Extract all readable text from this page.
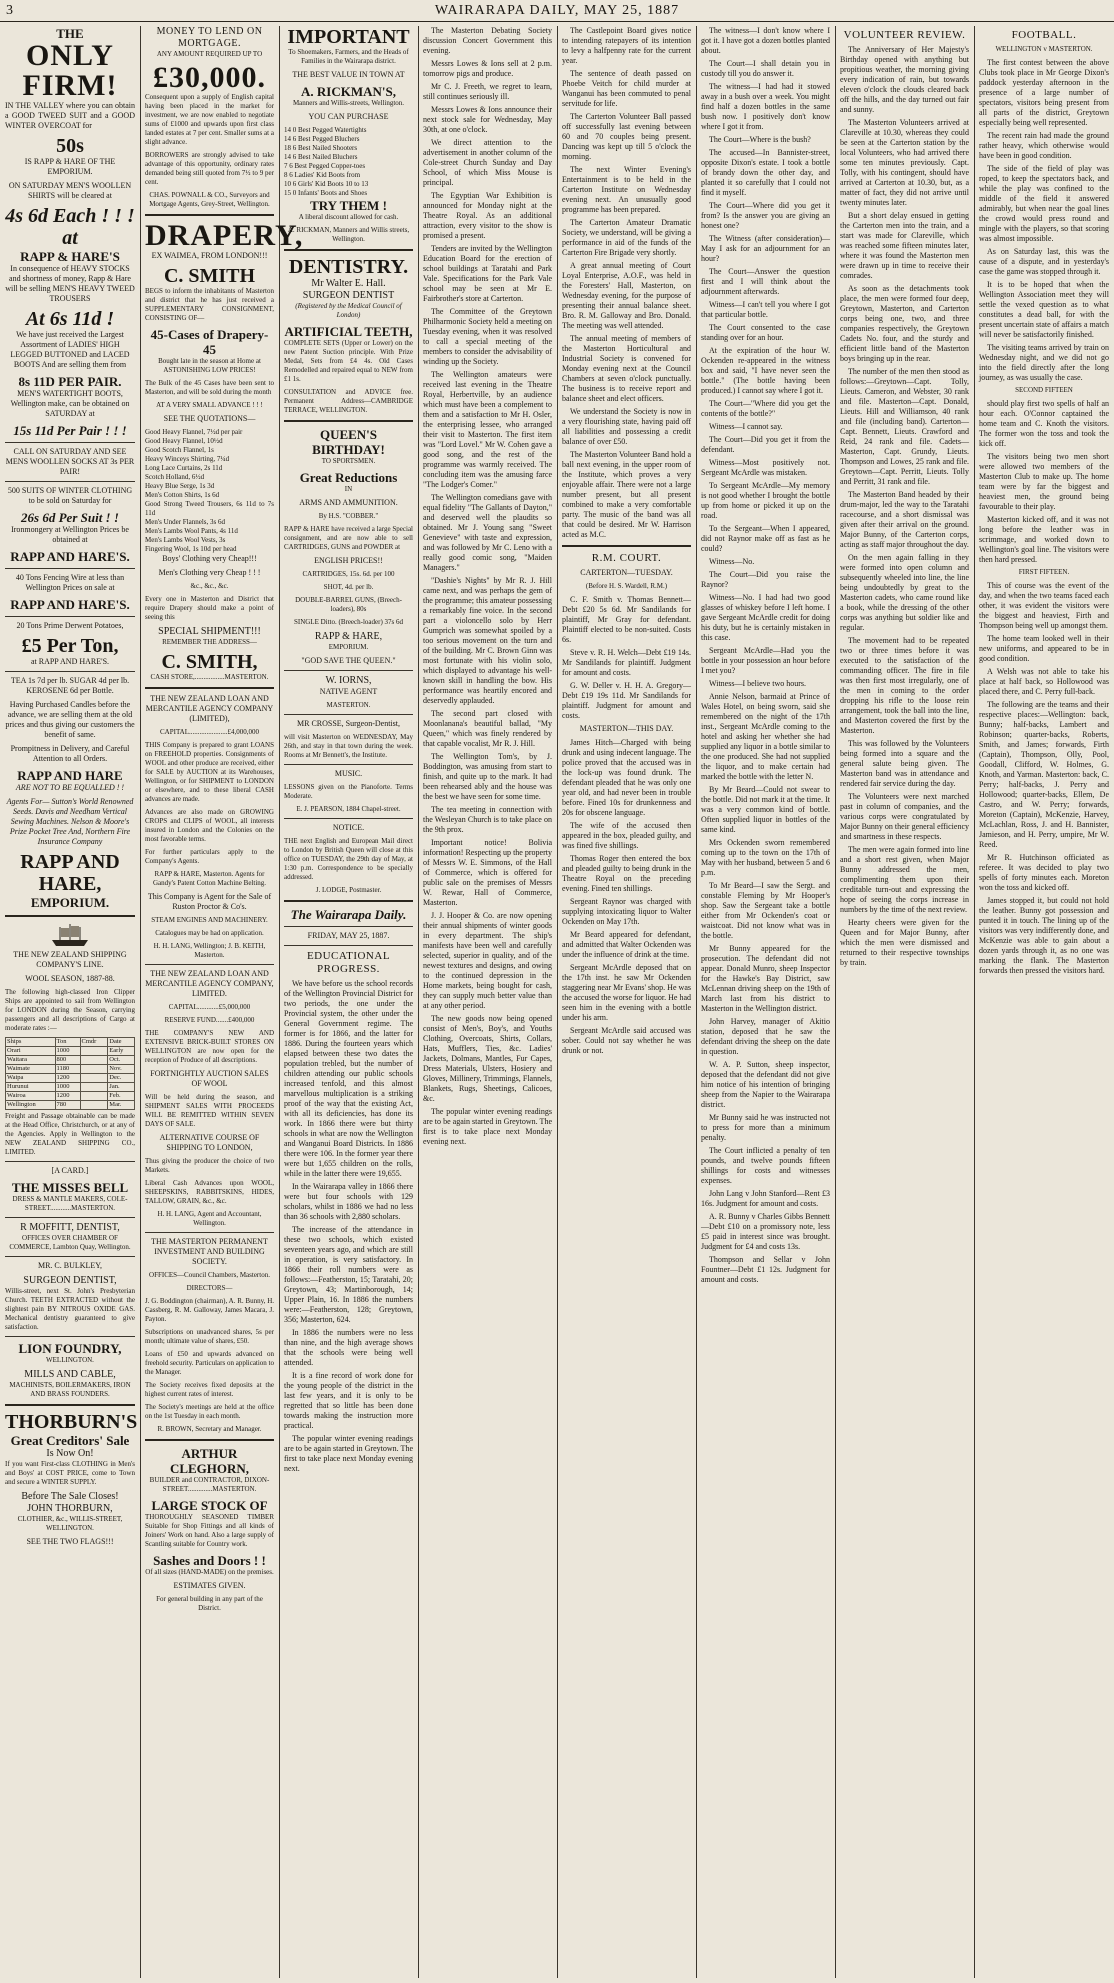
3	WAIRARAPA DAILY, MAY 25, 1887
THE
ONLY FIRM!
IN THE VALLEY where you can obtain a GOOD TWEED SUIT and a GOOD WINTER OVERCOAT for
50s
IS RAPP & HARE OF THE EMPORIUM.
ON SATURDAY MEN'S WOOLLEN SHIRTS will be cleared at
4s 6d Each ! ! ! at
RAPP & HARE'S
In consequence of HEAVY STOCKS and shortness of money, Rapp & Hare will be selling MEN'S HEAVY TWEED TROUSERS
At 6s 11d !
We have just received the Largest Assortment of LADIES' HIGH LEGGED BUTTONED and LACED BOOTS And are selling them from
8s 11D PER PAIR.
MEN'S WATERTIGHT BOOTS, Wellington make, can be obtained on SATURDAY at
15s 11d Per Pair ! ! !
CALL ON SATURDAY AND SEE MENS WOOLLEN SOCKS AT 3s PER PAIR!
500 SUITS OF WINTER CLOTHING to be sold on Saturday for
26s 6d Per Suit ! !
Ironmongery at Wellington Prices be obtained at
RAPP AND HARE'S.
40 Tons Fencing Wire at less than Wellington Prices on sale at
RAPP AND HARE'S.
20 Tons Prime Derwent Potatoes,
£5 Per Ton,
at RAPP AND HARE'S.
TEA 1s 7d per lb. SUGAR 4d per lb. KEROSENE 6d per Bottle.
Having Purchased Candles before the advance, we are selling them at the old prices and thus giving our customers the benefit of same.
Prompitness in Delivery, and Careful Attention to all Orders.
RAPP AND HARE
ARE NOT TO BE EQUALLED ! !
Agents For— Sutton's World Renowned Seeds. Davis and Needham Vertical Sewing Machines. Nelson & Moore's Prize Pocket Tree And, Northern Fire Insurance Company
RAPP AND HARE,
EMPORIUM.
THE NEW ZEALAND SHIPPING COMPANY'S LINE.
WOOL SEASON, 1887-88.
The following high-classed Iron Clipper Ships are appointed to sail from Wellington for LONDON during the Season, carrying passengers and all descriptions of Cargo at moderate rates :—
Ships	Ton	Cmdr	Date
Orari	1000		Early
Waitara	800		Oct.
Waimate	1180		Nov.
Waipa	1200		Dec.
Hurunui	1000		Jan.
Wairoa	1200		Feb.
Wellington	780		Mar.
Freight and Passage obtainable can be made at the Head Office, Christchurch, or at any of the Agencies. Apply in Wellington to the NEW ZEALAND SHIPPING CO., LIMITED.
[A CARD.]
THE MISSES BELL
DRESS & MANTLE MAKERS, COLE-STREET............MASTERTON.
R MOFFITT, DENTIST,
OFFICES OVER CHAMBER OF COMMERCE, Lambton Quay, Wellington.
MR. C. BULKLEY,
SURGEON DENTIST,
Willis-street, next St. John's Presbyterian Church. TEETH EXTRACTED without the slightest pain BY NITROUS OXIDE GAS. Mechanical dentistry guaranteed to give satisfaction.
LION FOUNDRY,
WELLINGTON.
MILLS AND CABLE,
MACHINISTS, BOILERMAKERS, IRON AND BRASS FOUNDERS.
THORBURN'S
Great Creditors' Sale
Is Now On!
If you want First-class CLOTHING in Men's and Boys' at COST PRICE, come to Town and secure a WINTER SUPPLY.
Before The Sale Closes!
JOHN THORBURN,
CLOTHIER, &c., WILLIS-STREET, WELLINGTON.
SEE THE TWO FLAGS!!!
MONEY TO LEND ON MORTGAGE.
ANY AMOUNT REQUIRED UP TO
£30,000.
Consequent upon a supply of English capital having been placed in the market for investment, we are now enabled to negotiate sums of £1000 and upwards upon first class landed estates at 7 per cent. Smaller sums at a slight advance.
BORROWERS are strongly advised to take advantage of this opportunity, ordinary rates demanded being still quoted from 7½ to 9 per cent.
CHAS. POWNALL & CO., Surveyors and Mortgage Agents, Grey-Street, Wellington.
DRAPERY,
EX WAIMEA, FROM LONDON!!!
C. SMITH
BEGS to inform the inhabitants of Masterton and district that he has just received a SUPPLEMENTARY CONSIGNMENT, CONSISTING OF—
45-Cases of Drapery-45
Bought late in the season at Home at ASTONISHING LOW PRICES!
The Bulk of the 45 Cases have been sent to Masterton, and will be sold during the month
AT A VERY SMALL ADVANCE ! ! !
SEE THE QUOTATIONS—
Good Heavy Flannel, 7½d per pair
Good Heavy Flannel, 10½d
Good Scotch Flannel, 1s
Heavy Winceys Shirting, 7¼d
Long Lace Curtains, 2s 11d
Scotch Holland, 6½d
Heavy Blue Serge, 1s 3d
Men's Cotton Shirts, 1s 6d
Good Strong Tweed Trousers, 6s 11d to 7s 11d
Men's Under Flannels, 3s 6d
Men's Lambs Wool Pants, 4s 11d
Men's Lambs Wool Vests, 3s
Fingering Wool, 1s 10d per head
Boys' Clothing very Cheap!!!
Men's Clothing very Cheap ! ! !
&c., &c., &c.
Every one in Masterton and District that require Drapery should make a point of seeing this
SPECIAL SHIPMENT!!!
REMEMBER THE ADDRESS—
C. SMITH,
CASH STORE,.................MASTERTON.
THE NEW ZEALAND LOAN AND MERCANTILE AGENCY COMPANY (LIMITED),
CAPITAL......................£4,000,000
THIS Company is prepared to grant LOANS on FREEHOLD properties. Consignments of WOOL and other produce are received, either for SALE by AUCTION at its Warehouses, Wellington, or for SHIPMENT to LONDON or elsewhere, and to these liberal CASH advances are made.
Advances are also made on GROWING CROPS and CLIPS of WOOL, all interests insured in London and the Colonies on the most favorable terms.
For further particulars apply to the Company's Agents.
RAPP & HARE, Masterton. Agents for Gandy's Patent Cotton Machine Belting.
This Company is Agent for the Sale of Ruston Proctor & Co's.
STEAM ENGINES AND MACHINERY.
Catalogues may be had on application.
H. H. LANG, Wellington; J. B. KEITH, Masterton.
THE NEW ZEALAND LOAN AND MERCANTILE AGENCY COMPANY, LIMITED.
CAPITAL............£5,000,000
RESERVE FUND.......£400,000
THE COMPANY'S NEW AND EXTENSIVE BRICK-BUILT STORES ON WELLINGTON are now open for the reception of Produce of all descriptions.
FORTNIGHTLY AUCTION SALES OF WOOL
Will be held during the season, and SHIPMENT SALES WITH PROCEEDS WILL BE REMITTED WITHIN SEVEN DAYS OF SALE.
ALTERNATIVE COURSE OF SHIPPING TO LONDON,
Thus giving the producer the choice of two Markets.
Liberal Cash Advances upon WOOL, SHEEPSKINS, RABBITSKINS, HIDES, TALLOW, GRAIN, &c., &c.
H. H. LANG, Agent and Accountant, Wellington.
THE MASTERTON PERMANENT INVESTMENT AND BUILDING SOCIETY.
OFFICES—Council Chambers, Masterton.
DIRECTORS—
J. G. Boddington (chairman), A. R. Bunny, H. Cassberg, R. M. Galloway, James Macara, J. Payton.
Subscriptions on unadvanced shares, 5s per month; ultimate value of shares, £50.
Loans of £50 and upwards advanced on freehold security. Particulars on application to the Manager.
The Society receives fixed deposits at the highest current rates of interest.
The Society's meetings are held at the office on the 1st Tuesday in each month.
R. BROWN, Secretary and Manager.
ARTHUR CLEGHORN,
BUILDER and CONTRACTOR, DIXON-STREET..............MASTERTON.
LARGE STOCK OF
THOROUGHLY SEASONED TIMBER Suitable for Shop Fittings and all kinds of Joiners' Work on hand. Also a large supply of Scantling suitable for Country work.
Sashes and Doors ! !
Of all sizes (HAND-MADE) on the premises.
ESTIMATES GIVEN.
For general building in any part of the District.
IMPORTANT
To Shoemakers, Farmers, and the Heads of Families in the Wairarapa district.
THE BEST VALUE IN TOWN AT
A. RICKMAN'S,
Manners and Willis-streets, Wellington.
YOU CAN PURCHASE
14 0 Best Pegged Watertights
14 6 Best Pegged Bluchers
18 6 Best Nailed Shooters
14 6 Best Nailed Bluchers
7 6 Best Pegged Copper-toes
8 6 Ladies' Kid Boots from
10 6 Girls' Kid Boots 10 to 13
15 0 Infants' Boots and Shoes
TRY THEM !
A liberal discount allowed for cash.
A. RICKMAN, Manners and Willis streets, Wellington.
DENTISTRY.
Mr Walter E. Hall.
SURGEON DENTIST
(Registered by the Medical Council of London)
ARTIFICIAL TEETH,
COMPLETE SETS (Upper or Lower) on the new Patent Suction principle. With Prize Medal, Sets from £4 4s. Old Cases Remodelled and repaired equal to NEW from £1 1s.
CONSULTATION and ADVICE free. Permanent Address—CAMBRIDGE TERRACE, WELLINGTON.
QUEEN'S BIRTHDAY!
TO SPORTSMEN.
Great Reductions
IN
ARMS AND AMMUNITION.
By H.S. "COBBER."
RAPP & HARE have received a large Special consignment, and are now able to sell CARTRIDGES, GUNS and POWDER at
ENGLISH PRICES!!
CARTRIDGES, 15s. 6d. per 100
SHOT, 4d. per lb.
DOUBLE-BARREL GUNS, (Breech-loaders), 80s
SINGLE Ditto. (Breech-loader) 37s 6d
RAPP & HARE,
EMPORIUM.
"GOD SAVE THE QUEEN."
W. IORNS,
NATIVE AGENT
MASTERTON.
MR CROSSE, Surgeon-Dentist,
will visit Masterton on WEDNESDAY, May 26th, and stay in that town during the week. Rooms at Mr Bennett's, the Institute.
MUSIC.
LESSONS given on the Pianoforte. Terms Moderate.
E. J. PEARSON, 1884 Chapel-street.
NOTICE.
THE next English and European Mail direct to London by British Queen will close at this office on TUESDAY, the 29th day of May, at 1:30 p.m. Correspondence to be specially addressed.
J. LODGE, Postmaster.
The Wairarapa Daily.
FRIDAY, MAY 25, 1887.
EDUCATIONAL PROGRESS.

We have before us the school records of the Wellington Provincial District for two periods, the one under the Provincial system, the other under the General Government regime. The former is for 1866, and the latter for 1886. During the fourteen years which elapsed between these two dates the population trebled, but the number of children attending our public schools increased tenfold, and this almost marvellous multiplication is a striking proof of the way that the existing Act, with all its deficiencies, has done its work. In 1866 there were but thirty schools in what are now the Wellington and Wanganui Board Districts. In 1886 there were 106. In the former year there were but 1,655 children on the rolls, while in the latter there were 19,655.

In the Wairarapa valley in 1866 there were but four schools with 129 scholars, whilst in 1886 we had no less than 36 schools with 2,880 scholars.

The increase of the attendance in these two schools, which existed seventeen years ago, and which are still in operation, is very satisfactory. In 1866 their roll numbers were as follows:—Featherston, 15; Taratahi, 20; Greytown, 43; Martinborough, 14; Upper Plain, 16. In 1886 the numbers were:—Featherston, 128; Greytown, 356; Masterton, 624.

In 1886 the numbers were no less than nine, and the high average shows that the schools were being well attended.

It is a fine record of work done for the young people of the district in the last few years, and it is only to be regretted that so little has been done towards making the instruction more practical.

The popular winter evening readings are to be again started in Greytown. The first to take place next Monday evening next.

The Masterton Debating Society discussion Concert Government this evening.

Messrs Lowes & Ions sell at 2 p.m. tomorrow pigs and produce.

Mr C. J. Freeth, we regret to learn, still continues seriously ill.

Messrs Lowes & Ions announce their next stock sale for Wednesday, May 30th, at one o'clock.

We direct attention to the advertisement in another column of the Cole-street Church Sunday and Day School, of which Miss Mouse is principal.

The Egyptian War Exhibition is announced for Monday night at the Theatre Royal. As an additional attraction, every visitor to the show is promised a present.

Tenders are invited by the Wellington Education Board for the erection of school buildings at Taratahi and Park Vale. Specifications for the Park Vale school may be seen at Mr E. Fairbrother's store at Carterton.

The Committee of the Greytown Philharmonic Society held a meeting on Tuesday evening, when it was resolved to call a special meeting of the members to consider the advisability of winding up the Society.

The Wellington amateurs were received last evening in the Theatre Royal, Herbertville, by an audience which must have been a complement to them and a satisfaction to Mr H. Osler, the enterprising lessee, who arranged their visit to Masterton. The first item was "Lord Lovel." Mr W. Cohen gave a good song, and the rest of the programme was warmly received. The concluding item was the amusing farce "The Lodger's Comer."

The Wellington comedians gave with equal fidelity "The Gallants of Dayton," and deserved well the plaudits so obtained. Mr J. Young sang "Sweet Genevieve" with taste and expression, and was followed by Mr C. Leno with a really good comic song, "Maiden Managers."

"Dashie's Nights" by Mr R. J. Hill came next, and was perhaps the gem of the programme; this amateur possessing a remarkably fine voice. In the second part a violoncello solo by Herr Gumprich was somewhat spoiled by a too serious movement on the turn and of the building. Mr C. Brown Ginn was most fortunate with his violin solo, which displayed to advantage his well-known skill in handling the bow. His performance was heartily encored and deservedly applauded.

The second part closed with Moonlanana's beautiful ballad, "My Queen," which was finely rendered by that capable vocalist, Mr R. J. Hill.

The Wellington Tom's, by J. Boddington, was amusing from start to finish, and quite up to the mark. It had been rehearsed ably and the house was the best we have seen for some time.

The tea meeting in connection with the Wesleyan Church is to take place on the 9th prox.

Important notice! Bolivia information! Respecting up the property of Messrs W. E. Simmons, of the Hall of Commerce, which is offered for public sale on the premises of Messrs W. Rewar, Hall of Commerce, Masterton.

J. J. Hooper & Co. are now opening their annual shipments of winter goods in every department. The ship's manifests have been well and carefully selected, superior in quality, and of the newest textures and designs, and owing to the continued depression in the Home markets, being bought for cash, they can supply much better value than at any other period.

The new goods now being opened consist of Men's, Boy's, and Youths Clothing, Overcoats, Shirts, Collars, Hats, Mufflers, Ties, &c. Ladies' Jackets, Dolmans, Mantles, Fur Capes, Dress Materials, Ulsters, Hosiery and Gloves, Millinery, Trimmings, Flannels, Blankets, Rugs, Sheetings, Calicoes, &c.

The popular winter evening readings are to be again started in Greytown. The first is to take place next Monday evening next.

The Castlepoint Board gives notice to intending ratepayers of its intention to levy a halfpenny rate for the current year.

The sentence of death passed on Phoebe Veitch for child murder at Wanganui has been commuted to penal servitude for life.

The Carterton Volunteer Ball passed off successfully last evening between 60 and 70 couples being present. Dancing was kept up till 5 o'clock the morning.

The next Winter Evening's Entertainment is to be held in the Carterton Institute on Wednesday evening next. An unusually good programme has been prepared.

The Carterton Amateur Dramatic Society, we understand, will be giving a performance in aid of the funds of the Carterton Fire Brigade very shortly.

A great annual meeting of Court Loyal Enterprise, A.O.F., was held in the Foresters' Hall, Masterton, on Wednesday evening, for the purpose of presenting their annual balance sheet. Bro. R. M. Galloway and Bro. Donald. The meeting was well attended.

The annual meeting of members of the Masterton Horticultural and Industrial Society is convened for Monday evening next at the Council Chambers at seven o'clock punctually. The business is to receive report and balance sheet and elect officers.

We understand the Society is now in a very flourishing state, having paid off all liabilities and possessing a credit balance of over £50.

The Masterton Volunteer Band hold a ball next evening, in the upper room of the Institute, which proves a very enjoyable affair. There were not a large number present, but all present combined to make a very comfortable party. The music of the band was all that could be desired. Mr W. Harrison acted as M.C.

R.M. COURT.
CARTERTON—TUESDAY.
(Before H. S. Wardell, R.M.)

C. F. Smith v. Thomas Bennett—Debt £20 5s 6d. Mr Sandilands for plaintiff, Mr Gray for defendant. Plaintiff elected to be non-suited. Costs 6s.

Steve v. R. H. Welch—Debt £19 14s. Mr Sandilands for plaintiff. Judgment for amount and costs.

G. W. Deller v. H. H. A. Gregory—Debt £19 19s 11d. Mr Sandilands for plaintiff. Judgment for amount and costs.

MASTERTON—THIS DAY.

James Hitch—Charged with being drunk and using indecent language. The police proved that the accused was in the lock-up was found drunk. The defendant pleaded that he was only one year old, and had never been in trouble before. Fined 10s for drunkenness and 20s for obscene language.

The wife of the accused then appeared in the box, pleaded guilty, and was fined five shillings.

Thomas Roger then entered the box and pleaded guilty to being drunk in the Theatre Royal on the preceding evening. Fined ten shillings.

Sergeant Raynor was charged with supplying intoxicating liquor to Walter Ockenden on May 17th.

Mr Beard appeared for defendant, and admitted that Walter Ockenden was under the influence of drink at the time.

Sergeant McArdle deposed that on the 17th inst. he saw Mr Ockenden staggering near Mr Evans' shop. He was the accused the worse for liquor. He had seen him in the evening with a bottle under his arm.

Sergeant McArdle said accused was sober. Could not say whether he was drunk or not.

The witness—I don't know where I got it. I have got a dozen bottles planted about.

The Court—I shall detain you in custody till you do answer it.

The witness—I had had it stowed away in a bush over a week. You might find half a dozen bottles in the same bush now. I positively don't know where I got it from.

The Court—Where is the bush?

The accused—In Bannister-street, opposite Dixon's estate. I took a bottle of brandy down the other day, and planted it so carefully that I could not find it myself.

The Court—Where did you get it from? Is the answer you are giving an honest one?

The Witness (after consideration)—May I ask for an adjournment for an hour?

The Court—Answer the question first and I will think about the adjournment afterwards.

Witness—I can't tell you where I got that particular bottle.

The Court consented to the case standing over for an hour.

At the expiration of the hour W. Ockenden re-appeared in the witness box and said, "I have never seen the bottle." (The bottle having been produced.) I cannot say where I got it.

The Court—"Where did you get the contents of the bottle?"

Witness—I cannot say.

The Court—Did you get it from the defendant.

Witness—Most positively not. Sergeant McArdle was mistaken.

To Sergeant McArdle—My memory is not good whether I brought the bottle up from home or picked it up on the road.

To the Sergeant—When I appeared, did not Raynor make off as fast as he could?

Witness—No.

The Court—Did you raise the Raynor?

Witness—No. I had had two good glasses of whiskey before I left home. I gave Sergeant McArdle credit for doing his duty, but he is certainly mistaken in this case.

Sergeant McArdle—Had you the bottle in your possession an hour before I met you?

Witness—I believe two hours.

Annie Nelson, barmaid at Prince of Wales Hotel, on being sworn, said she remembered on the night of the 17th inst., Sergeant McArdle coming to the hotel and asking her whether she had supplied any liquor in a bottle similar to the one produced. She had not supplied the liquor, and to make certain had marked the bottle with the letter N.

By Mr Beard—Could not swear to the bottle. Did not mark it at the time. It was a very common kind of bottle. Often supplied liquor in bottles of the same kind.

Mrs Ockenden sworn remembered coming up to the town on the 17th of May with her husband, between 5 and 6 p.m.

To Mr Beard—I saw the Sergt. and constable Fleming by Mr Hooper's shop. Saw the Sergeant take a bottle either from Mr Ockenden's coat or waistcoat. Did not know what was in the bottle.

Mr Bunny appeared for the prosecution. The defendant did not appear. Donald Munro, sheep Inspector for the Hawke's Bay District, saw McLennan driving sheep on the 19th of March last from his district to Masterton in the Wellington district.

John Harvey, manager of Akitio station, deposed that he saw the defendant driving the sheep on the date in question.

W. A. P. Sutton, sheep inspector, deposed that the defendant did not give him notice of his intention of bringing sheep from the Napier to the Wairarapa district.

Mr Bunny said he was instructed not to press for more than a minimum penalty.

The Court inflicted a penalty of ten pounds, and twelve pounds fifteen shillings for costs and witnesses expenses.

John Lang v John Stanford—Rent £3 16s. Judgment for amount and costs.

A. R. Bunny v Charles Gibbs Bennett—Debt £10 on a promissory note, less £5 paid in interest since was brought. Judgment for £4 and costs 13s.

Thompson and Sellar v John Fountner—Debt £1 12s. Judgment for amount and costs.

VOLUNTEER REVIEW.

The Anniversary of Her Majesty's Birthday opened with anything but propitious weather, the morning giving every indication of rain, but towards eleven o'clock the clouds cleared back off the hills, and the day turned out fair and sunny.

The Masterton Volunteers arrived at Clareville at 10.30, whereas they could be seen at the Carterton station by the local Volunteers, who had arrived there some ten minutes previously. Capt. Tolly, with his contingent, should have arrived at Carterton at 10.30, but, as a matter of fact, they did not arrive until twenty minutes later.

But a short delay ensued in getting the Carterton men into the train, and a start was made for Clareville, which was reached some fifteen minutes later, where it was found the Masterton men were drawn up in time to receive their comrades.

As soon as the detachments took place, the men were formed four deep, Greytown, Masterton, and Carterton corps being one, two, and three companies respectively, the Greytown Cadets No. four, and the sturdy and efficient little band of the Masterton boys bringing up in the rear.

The number of the men then stood as follows:—Greytown—Capt. Tolly, Lieuts. Cameron, and Webster, 30 rank and file. Masterton—Capt. Donald, Lieuts. Hill and Williamson, 40 rank and file (including band). Carterton—Capt. Bennett, Lieuts. Crawford and Reid, 24 rank and file. Cadets—Masterton, Capt. Grundy, Lieuts. Thompson and Lowes, 25 rank and file. Greytown—Capt. Perritt, Lieuts. Tolly and Perritt, 31 rank and file.

The Masterton Band headed by their drum-major, led the way to the Taratahi racecourse, and a short dismissal was given after their arrival on the ground. Major Bunny, of the Carterton corps, acting as staff major throughout the day.

On the men again falling in they were formed into open column and subsequently wheeled into line, the line being undoubtedly by great to the Masterton cadets, who came round like a book, while the dressing of the other corps was anything but soldier like and regular.

The movement had to be repeated two or three times before it was executed to the satisfaction of the commanding officer. The fire in file was then first most irregularly, one of the men in coming to the order dropping his rifle to the loose rein arrangement, took the ball into the line, and Masterton covered the first by the Masterton.

This was followed by the Volunteers being formed into a square and the general salute being given. The Masterton band was in attendance and rendered fair service during the day.

The Volunteers were next marched past in column of companies, and the various corps were congratulated by Major Bunny on their general efficiency and smartness in these respects.

The men were again formed into line and a short rest given, when Major Bunny addressed the men, complimenting them upon their creditable turn-out and expressing the hope of seeing the corps increase in numbers by the time of the next review.

Hearty cheers were given for the Queen and for Major Bunny, after which the men were dismissed and returned to their respective townships by train.

FOOTBALL.
WELLINGTON v MASTERTON.

The first contest between the above Clubs took place in Mr George Dixon's paddock yesterday afternoon in the presence of a large number of spectators, visitors being present from all parts of the district, Greytown especially being well represented.

The recent rain had made the ground rather heavy, which otherwise would have been in good condition.

The side of the field of play was roped, to keep the spectators back, and while the play was confined to the middle of the field it answered admirably, but when near the goal lines the crowd would press round and mingle with the players, so that scoring was almost impossible.

As on Saturday last, this was the cause of a dispute, and in yesterday's case the game was stopped through it.

It is to be hoped that when the Wellington Association meet they will settle the vexed question as to what constitutes a dead ball, for with the present uncertain state of affairs a match will never be satisfactorily finished.

The visiting teams arrived by train on Wednesday night, and we did not go into the field directly after the long journey, as was usually the case.

SECOND FIFTEEN

should play first two spells of half an hour each. O'Connor captained the home team and C. Knoth the visitors. The former won the toss and took the kick off.

The visitors being two men short were allowed two members of the Masterton Club to make up. The home team were by far the biggest and heaviest men, the ground being favourable to their play.

Masterton kicked off, and it was not long before the leather was in scrimmage, and worked down to Wellington's goal line. The visitors were then hard pressed.

FIRST FIFTEEN.

This of course was the event of the day, and when the two teams faced each other, it was evident the visitors were the biggest and heaviest, Firth and Thompson being well up amongst them.

The home team looked well in their new uniforms, and appeared to be in good condition.

A Welsh was not able to take his place at half back, so Hollowood was placed there, and C. Perry full-back.

The following are the teams and their respective places:—Wellington: back, Bunny; half-backs, Lambert and Robinson; quarter-backs, Roberts, Smith, and James; forwards, Firth (Captain), Thompson, Olly, Pool, Goodall, Clifford, W. Holmes, G. Knoth, and Yarman. Masterton: back, C. Perry; half-backs, J. Perry and Hollowood; quarter-backs, Ellem, De Castro, and W. Perry; forwards, Moreton (Captain), McKenzie, Harvey, McLachlan, Ross, J. and H. Bannister, Jamieson, and H. Perry, umpire, Mr W. Reed.

Mr R. Hutchinson officiated as referee. It was decided to play two spells of forty minutes each. Moreton won the toss and kicked off.

James stopped it, but could not hold the leather. Bunny got possession and punted it in touch. The lining up of the visitors was very indifferently done, and McKenzie was able to gain about a dozen yards through it, as no one was marking the flank. The Masterton forwards then pressed the visitors hard.
